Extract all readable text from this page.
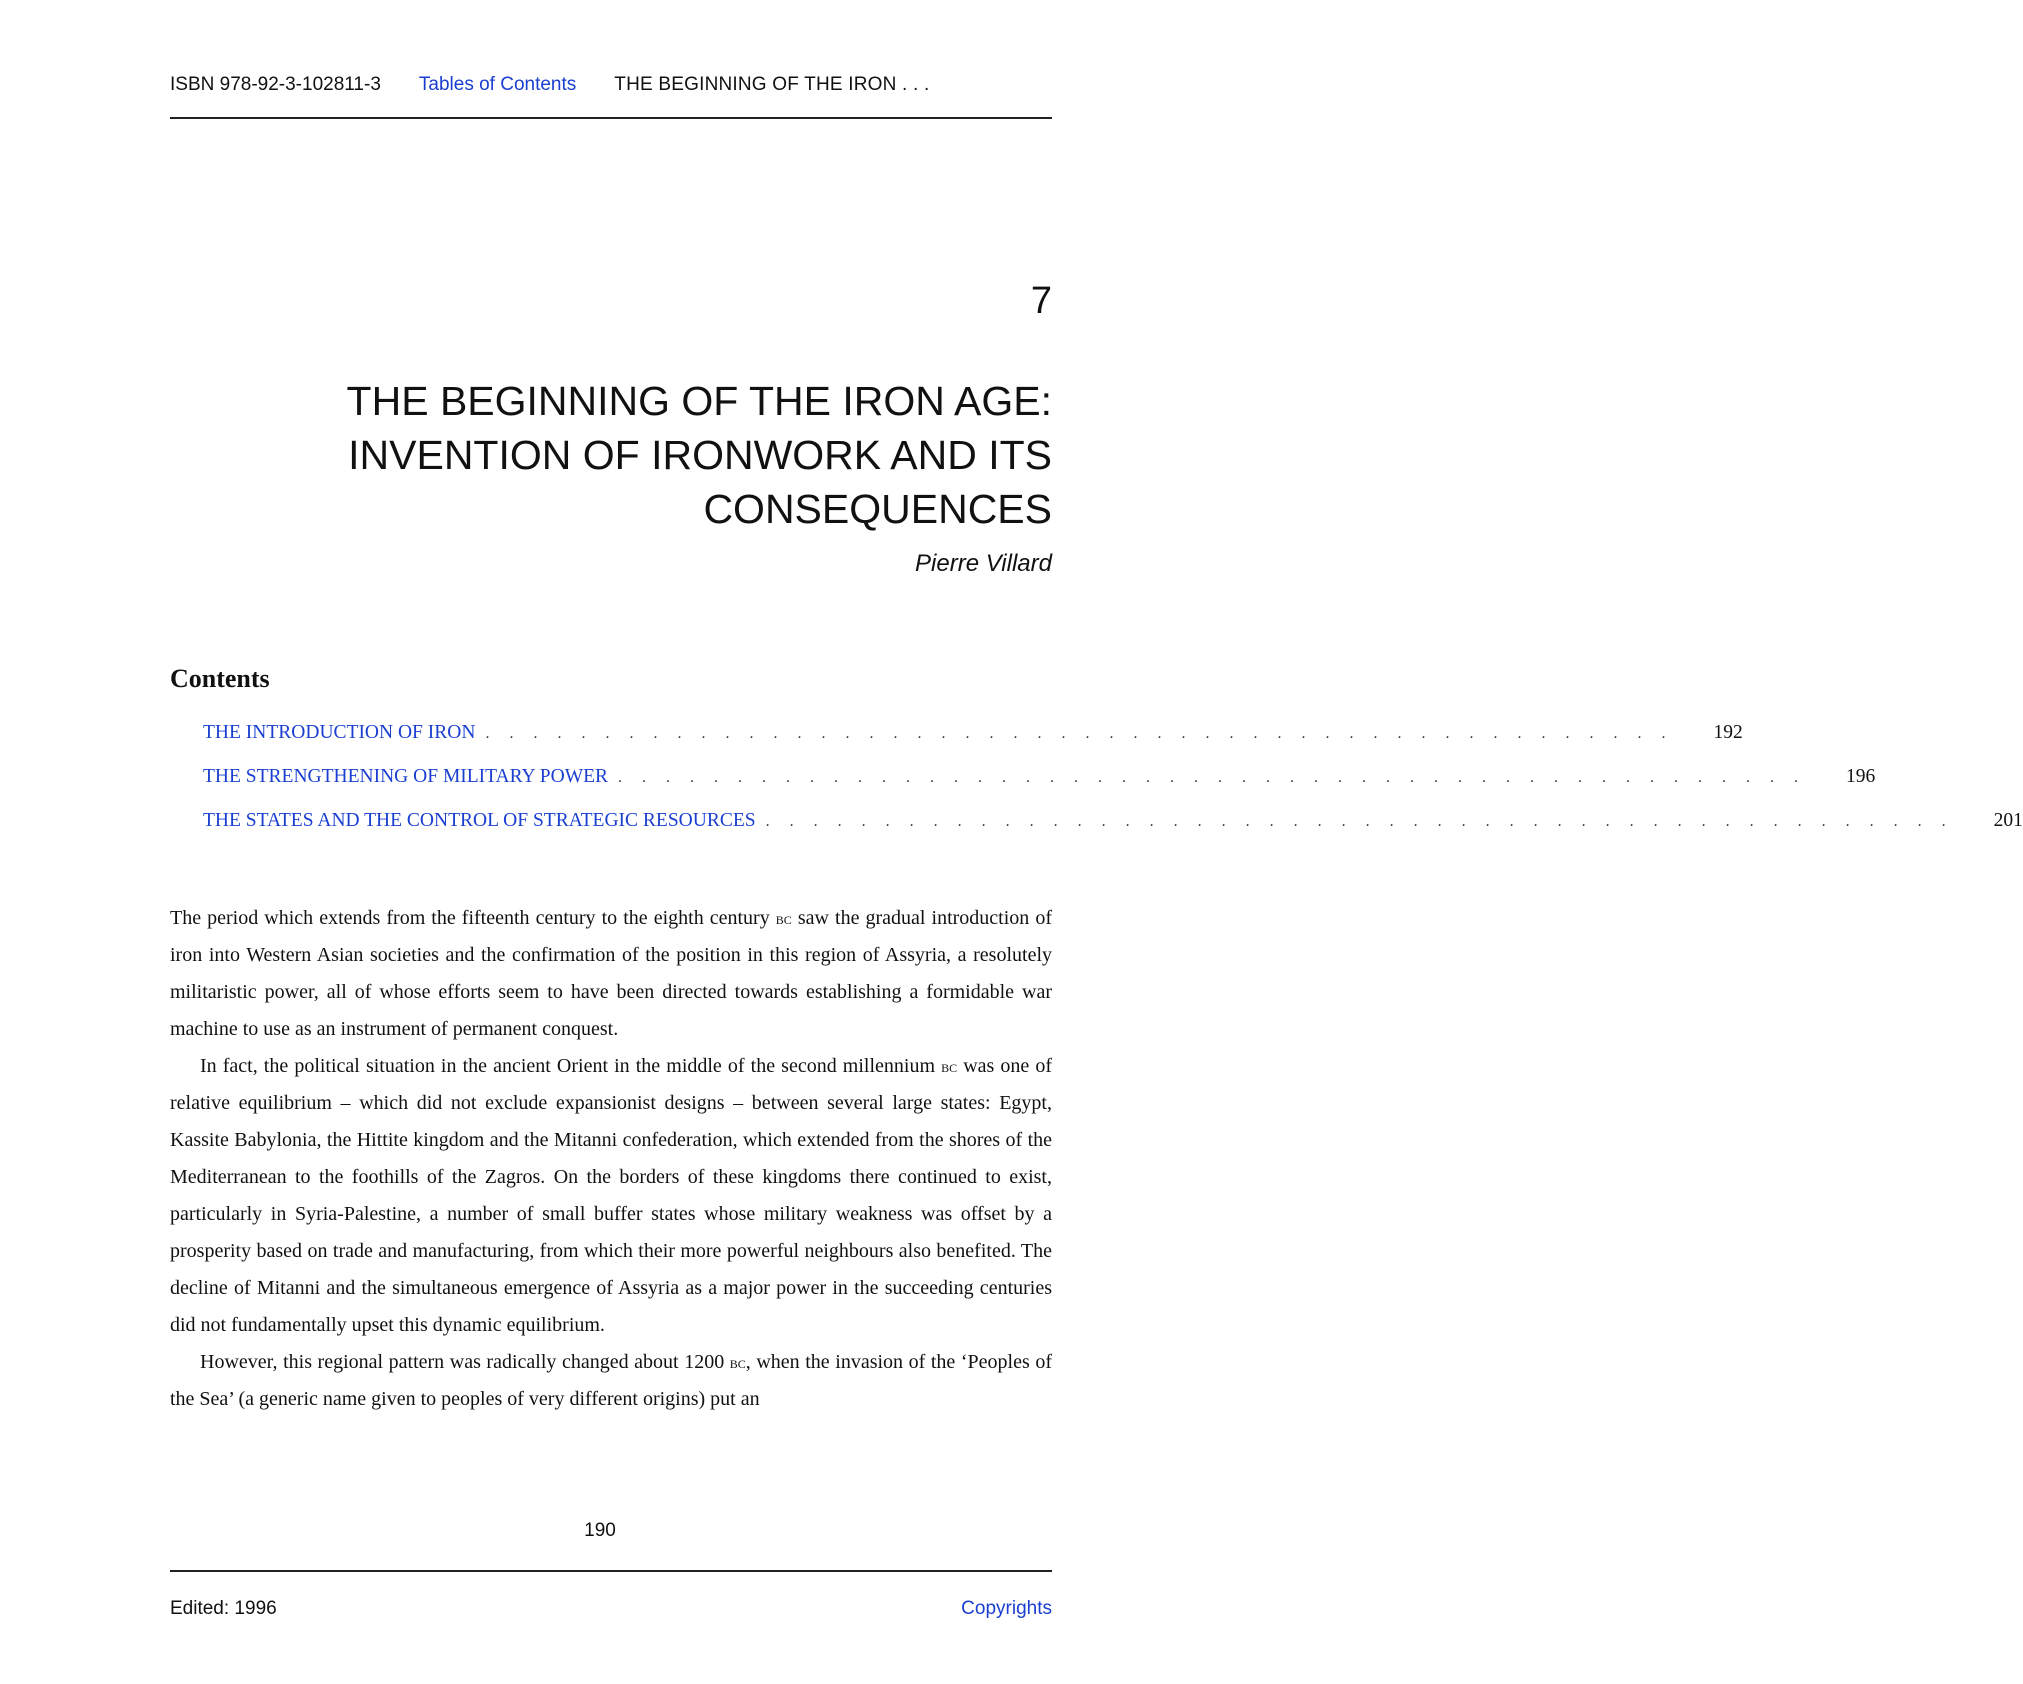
ISBN 978-92-3-102811-3 Tables of Contents THE BEGINNING OF THE IRON . . .
7
THE BEGINNING OF THE IRON AGE:
INVENTION OF IRONWORK AND ITS
CONSEQUENCES
Pierre Villard
Contents
THE INTRODUCTION OF IRON . . . . . . . . . . . . . . . . . . . . . . . . . . . . . . . . . . . . . . . . . . . . . . . . . . 192
THE STRENGTHENING OF MILITARY POWER . . . . . . . . . . . . . . . . . . . . . . . . . . . . . . . . . . . . . . . . . . . . . . . . . . 196
THE STATES AND THE CONTROL OF STRATEGIC RESOURCES . . . . . . . . . . . . . . . . . . . . . . . . . . . . . . . . . . . . . . . . . . . . . . . . . . 201

The period which extends from the fifteenth century to the eighth century bc saw the gradual introduction of iron into Western Asian societies and the confirmation of the position in this region of Assyria, a resolutely militaristic power, all of whose efforts seem to have been directed towards establishing a formidable war machine to use as an instrument of permanent conquest.

In fact, the political situation in the ancient Orient in the middle of the second millennium bc was one of relative equilibrium – which did not exclude expansionist designs – between several large states: Egypt, Kassite Babylonia, the Hittite kingdom and the Mitanni confederation, which extended from the shores of the Mediterranean to the foothills of the Zagros. On the borders of these kingdoms there continued to exist, particularly in Syria-Palestine, a number of small buffer states whose military weakness was offset by a prosperity based on trade and manufacturing, from which their more powerful neighbours also benefited. The decline of Mitanni and the simultaneous emergence of Assyria as a major power in the succeeding centuries did not fundamentally upset this dynamic equilibrium.

However, this regional pattern was radically changed about 1200 bc, when the invasion of the ‘Peoples of the Sea’ (a generic name given to peoples of very different origins) put an

190
Edited: 1996	Copyrights
